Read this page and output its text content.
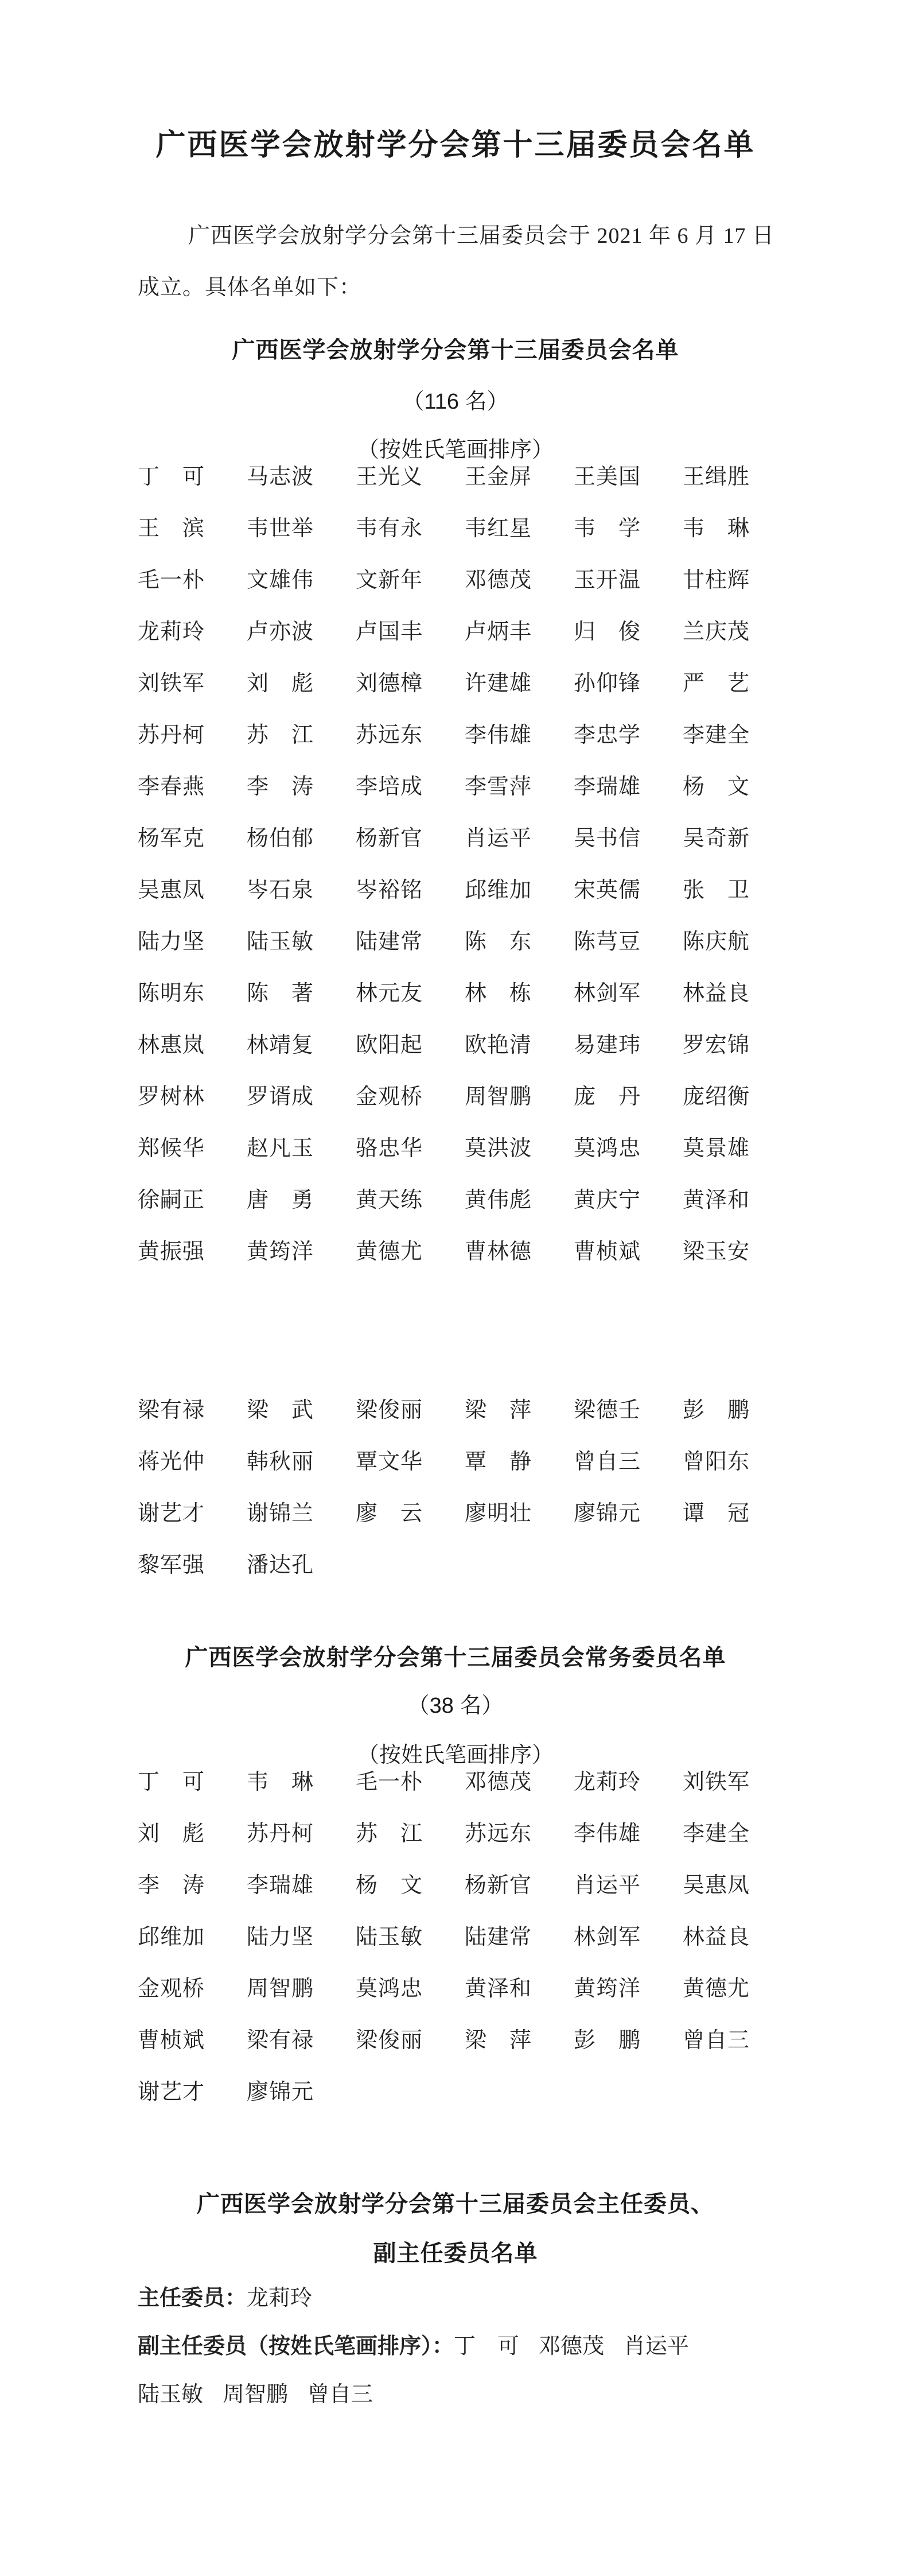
广西医学会放射学分会第十三届委员会名单
广西医学会放射学分会第十三届委员会于 2021 年 6 月 17 日成立。具体名单如下：
广西医学会放射学分会第十三届委员会名单
（116 名）
（按姓氏笔画排序）
丁　可	马志波	王光义	王金屏	王美国	王缉胜
王　滨	韦世举	韦有永	韦红星	韦　学	韦　琳
毛一朴	文雄伟	文新年	邓德茂	玉开温	甘柱辉
龙莉玲	卢亦波	卢国丰	卢炳丰	归　俊	兰庆茂
刘铁军	刘　彪	刘德樟	许建雄	孙仰锋	严　艺
苏丹柯	苏　江	苏远东	李伟雄	李忠学	李建全
李春燕	李　涛	李培成	李雪萍	李瑞雄	杨　文
杨军克	杨伯郁	杨新官	肖运平	吴书信	吴奇新
吴惠凤	岑石泉	岑裕铭	邱维加	宋英儒	张　卫
陆力坚	陆玉敏	陆建常	陈　东	陈芎豆	陈庆航
陈明东	陈　著	林元友	林　栋	林剑军	林益良
林惠岚	林靖复	欧阳起	欧艳清	易建玮	罗宏锦
罗树林	罗谞成	金观桥	周智鹏	庞　丹	庞绍衡
郑候华	赵凡玉	骆忠华	莫洪波	莫鸿忠	莫景雄
徐嗣正	唐　勇	黄天练	黄伟彪	黄庆宁	黄泽和
黄振强	黄筠洋	黄德尤	曹林德	曹桢斌	梁玉安
梁有禄	梁　武	梁俊丽	梁　萍	梁德壬	彭　鹏
蒋光仲	韩秋丽	覃文华	覃　静	曾自三	曾阳东
谢艺才	谢锦兰	廖　云	廖明壮	廖锦元	谭　冠
黎军强	潘达孔
广西医学会放射学分会第十三届委员会常务委员名单
（38 名）
（按姓氏笔画排序）
丁　可	韦　琳	毛一朴	邓德茂	龙莉玲	刘铁军
刘　彪	苏丹柯	苏　江	苏远东	李伟雄	李建全
李　涛	李瑞雄	杨　文	杨新官	肖运平	吴惠凤
邱维加	陆力坚	陆玉敏	陆建常	林剑军	林益良
金观桥	周智鹏	莫鸿忠	黄泽和	黄筠洋	黄德尤
曹桢斌	梁有禄	梁俊丽	梁　萍	彭　鹏	曾自三
谢艺才	廖锦元
广西医学会放射学分会第十三届委员会主任委员、
副主任委员名单
主任委员：龙莉玲
副主任委员（按姓氏笔画排序）：丁　可 邓德茂 肖运平
陆玉敏 周智鹏 曾自三
